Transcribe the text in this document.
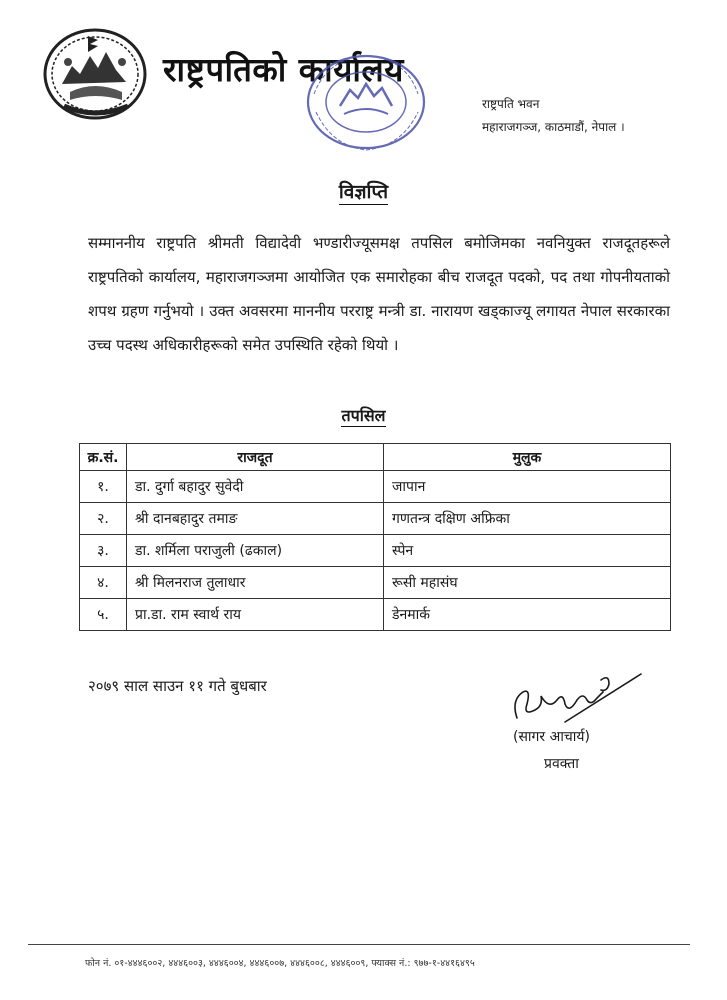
राष्ट्रपतिको कार्यालय
राष्ट्रपति भवन
महाराजगञ्ज, काठमाडौं, नेपाल ।
विज्ञप्ति

सम्माननीय राष्ट्रपति श्रीमती विद्यादेवी भण्डारीज्यूसमक्ष तपसिल बमोजिमका नवनियुक्त राजदूतहरूले राष्ट्रपतिको कार्यालय, महाराजगञ्जमा आयोजित एक समारोहका बीच राजदूत पदको, पद तथा गोपनीयताको शपथ ग्रहण गर्नुभयो । उक्त अवसरमा माननीय परराष्ट्र मन्त्री डा. नारायण खड्काज्यू लगायत नेपाल सरकारका उच्च पदस्थ अधिकारीहरूको समेत उपस्थिति रहेको थियो ।

तपसिल
क्र.सं.	राजदूत	मुलुक
१.	डा. दुर्गा बहादुर सुवेदी	जापान
२.	श्री दानबहादुर तमाङ	गणतन्त्र दक्षिण अफ्रिका
३.	डा. शर्मिला पराजुली (ढकाल)	स्पेन
४.	श्री मिलनराज तुलाधार	रूसी महासंघ
५.	प्रा.डा. राम स्वार्थ राय	डेनमार्क

२०७९ साल साउन ११ गते बुधबार

(सागर आचार्य)
प्रवक्ता

फोन नं. ०१-४४४६००२, ४४४६००३, ४४४६००४, ४४४६००७, ४४४६००८, ४४४६००९, फ्याक्स नं.: ९७७-१-४४१६४९५
